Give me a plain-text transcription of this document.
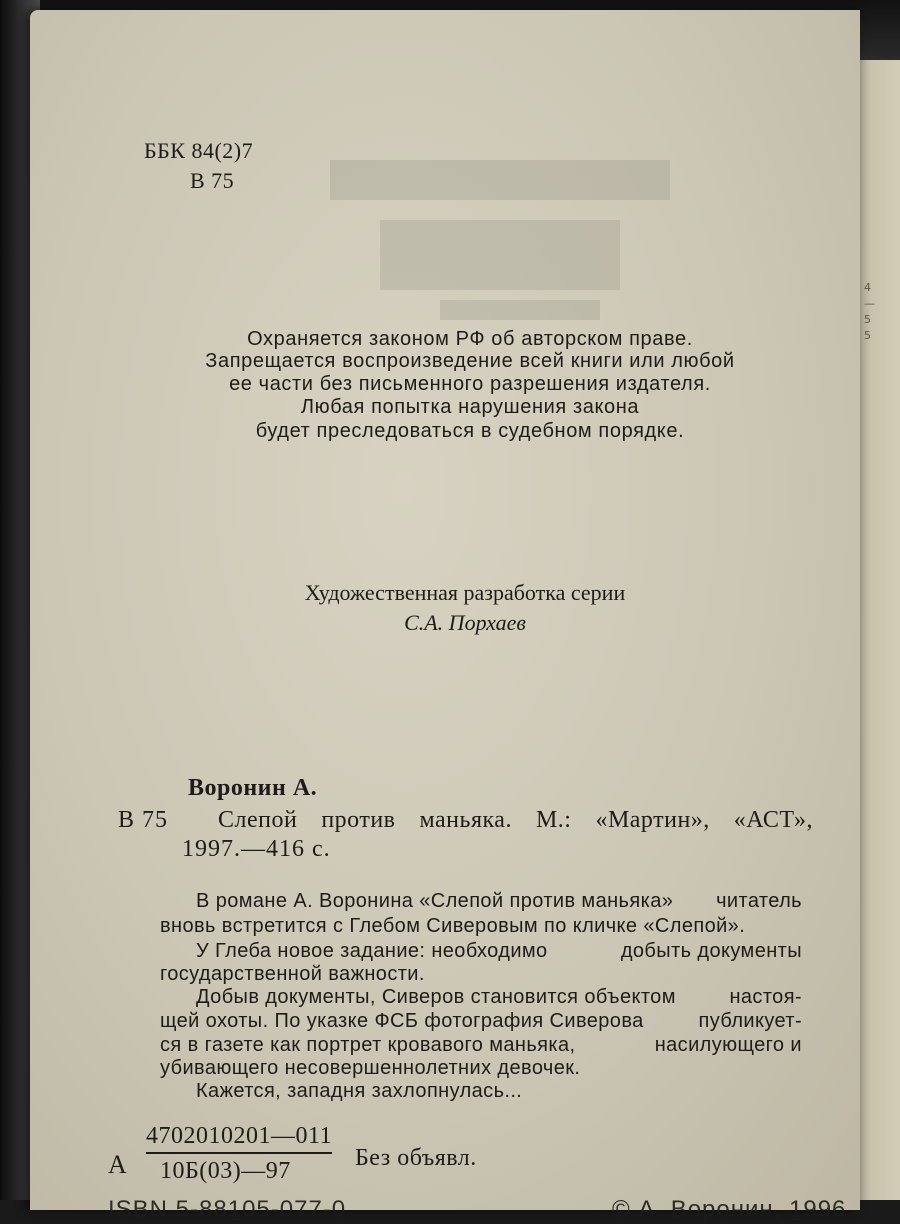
4 — 5 5
ББК 84(2)7
В 75
Охраняется законом РФ об авторском праве.
Запрещается воспроизведение всей книги или любой
ее части без письменного разрешения издателя.
Любая попытка нарушения закона
будет преследоваться в судебном порядке.
Художественная разработка серии
С.А. Порхаев
Воронин А.
В 75 Слепой против маньяка. М.: «Мартин», «АСТ»,
1997.—416 с.
В романе А. Воронина «Слепой против маньяка» читатель
вновь встретится с Глебом Сиверовым по кличке «Слепой».
У Глеба новое задание: необходимо	добыть документы
государственной важности.
Добыв документы, Сиверов становится объектом	настоя-
щей охоты. По указке ФСБ фотография Сиверова	публикует-
ся в газете как портрет кровавого маньяка,	насилующего и
убивающего несовершеннолетних девочек.
Кажется, западня захлопнулась...
А
4702010201—011
10Б(03)—97	Без объявл.
ISBN 5-88105-077-0	© А. Воронин, 1996
